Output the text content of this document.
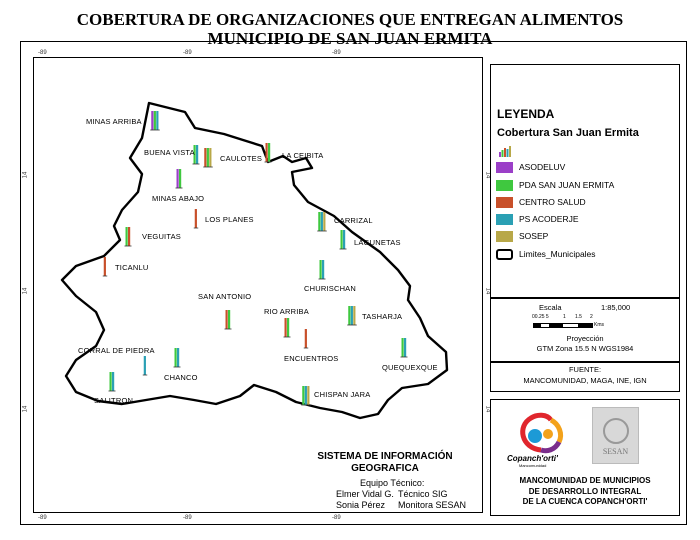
COBERTURA DE ORGANIZACIONES QUE ENTREGAN ALIMENTOS
MUNICIPIO DE SAN JUAN ERMITA
-89	-89	-89
-89	-89	-89
14
14
14
14
14
14
MINAS ARRIBA
BUENA VISTA
CAULOTES	LA CEIBITA
MINAS ABAJO
LOS PLANES
VEGUITAS
CARRIZAL
LAGUNETAS
TICANLU
CHURISCHAN
SAN ANTONIO
RIO ARRIBA
TASHARJA
ENCUENTROS
CORRAL DE PIEDRA
CHANCO
QUEQUEXQUE
SALITRON
CHISPAN JARA
SISTEMA DE INFORMACIÓN
GEOGRAFICA
Equipo Técnico:
Elmer Vidal G. Técnico SIG
Sonia Pérez Monitora SESAN
LEYENDA
Cobertura San Juan Ermita
ASODELUV
PDA SAN JUAN ERMITA
CENTRO SALUD
PS ACODERJE
SOSEP
Limites_Municipales
Escala	1:85,000
00.25 5	1 1.5 2
Kms
Proyección
GTM Zona 15.5 N WGS1984
FUENTE:
MANCOMUNIDAD, MAGA, INE, IGN
Copanch'orti'
Mancomunidad
SESAN
MANCOMUNIDAD DE MUNICIPIOS
DE DESARROLLO INTEGRAL
DE LA CUENCA COPANCH'ORTI'
